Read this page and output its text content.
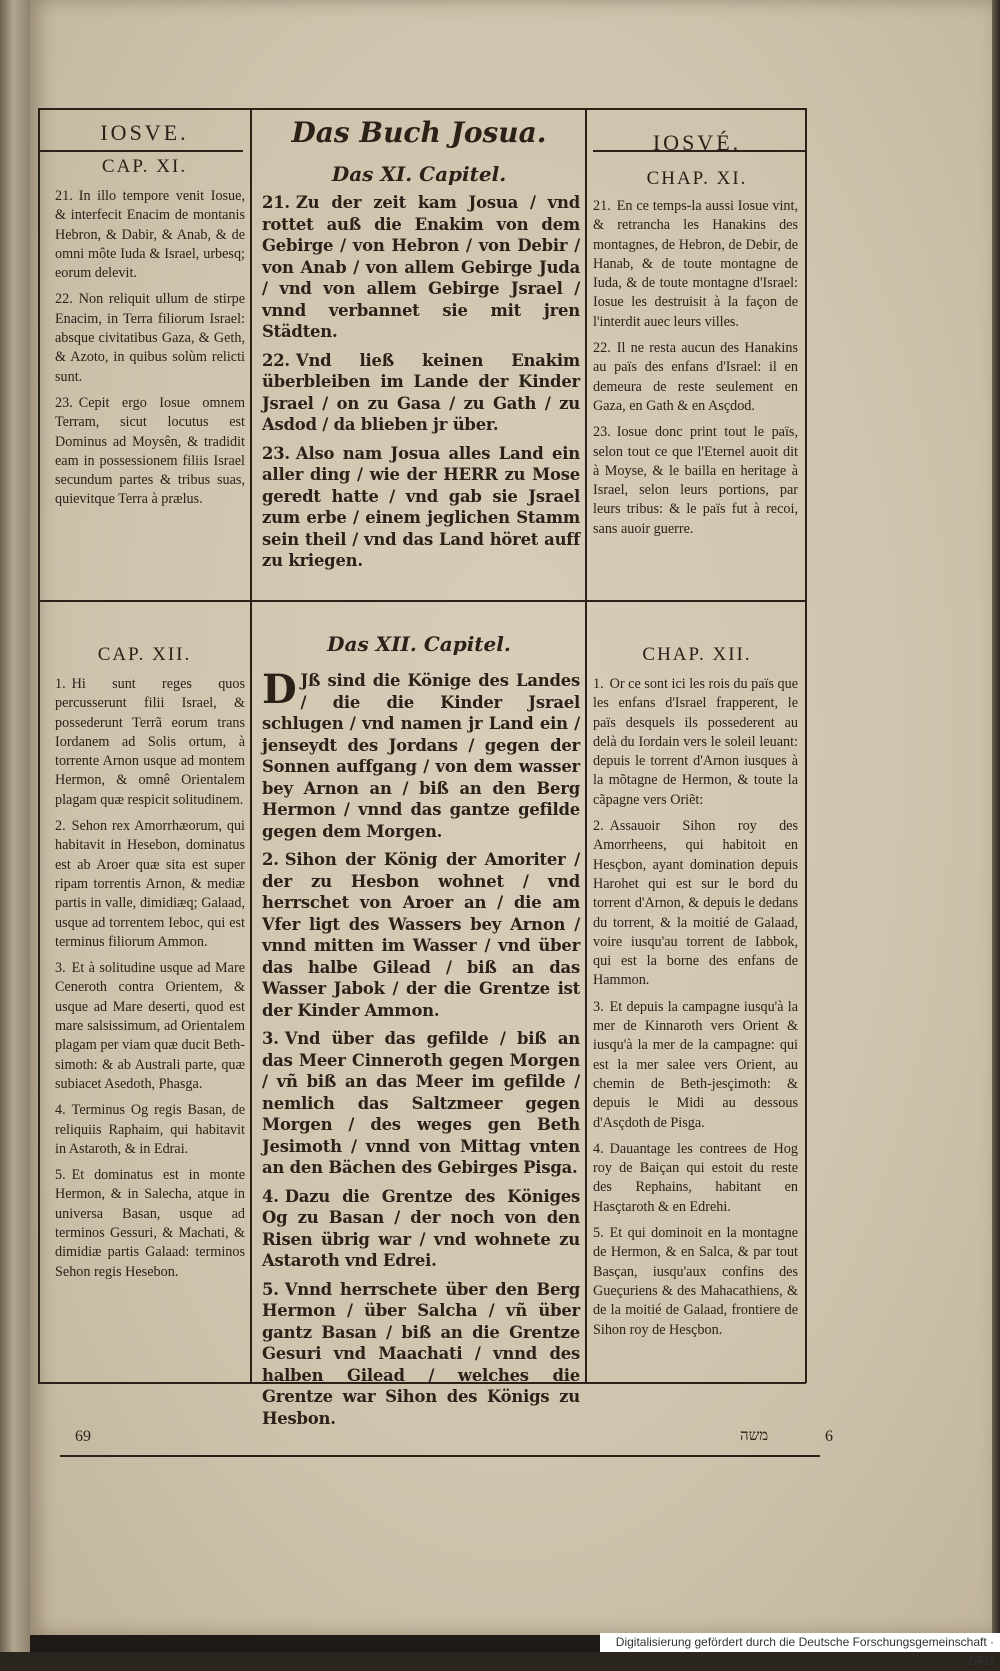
IOSVE.	Das Buch Josua.	IOSVÉ.
CAP. XI.	Das XI. Capitel.	CHAP. XI.
21. In illo tempore venit Iosue, & interfecit Enacim de montanis Hebron, & Dabir, & Anab, & de omni môte Iuda & Israel, urbesq; eorum delevit.
22. Non reliquit ullum de stirpe Enacim, in Terra filiorum Israel: absque civitatibus Gaza, & Geth, & Azoto, in quibus solùm relicti sunt.
23. Cepit ergo Iosue omnem Terram, sicut locutus est Dominus ad Moysên, & tradidit eam in possessionem filiis Israel secundum partes & tribus suas, quievitque Terra à prælus.
21. Zu der zeit kam Josua / vnd rottet auß die Enakim von dem Gebirge / von Hebron / von Debir / von Anab / von allem Gebirge Juda / vnd von allem Gebirge Jsrael / vnnd verbannet sie mit jren Städten.
22. Vnd ließ keinen Enakim überbleiben im Lande der Kinder Jsrael / on zu Gasa / zu Gath / zu Asdod / da blieben jr über.
23. Also nam Josua alles Land ein aller ding / wie der HERR zu Mose geredt hatte / vnd gab sie Jsrael zum erbe / einem jeglichen Stamm sein theil / vnd das Land höret auff zu kriegen.
21. En ce temps-la aussi Iosue vint, & retrancha les Hanakins des montagnes, de Hebron, de Debir, de Hanab, & de toute montagne de Iuda, & de toute montagne d'Israel: Iosue les destruisit à la façon de l'interdit auec leurs villes.
22. Il ne resta aucun des Hanakins au païs des enfans d'Israel: il en demeura de reste seulement en Gaza, en Gath & en Asçdod.
23. Iosue donc print tout le païs, selon tout ce que l'Eternel auoit dit à Moyse, & le bailla en heritage à Israel, selon leurs portions, par leurs tribus: & le païs fut à recoi, sans auoir guerre.
CAP. XII.	Das XII. Capitel.	CHAP. XII.
1. Hi sunt reges quos percusserunt filii Israel, & possederunt Terrã eorum trans Iordanem ad Solis ortum, à torrente Arnon usque ad montem Hermon, & omnê Orientalem plagam quæ respicit solitudinem.
2. Sehon rex Amorrhæorum, qui habitavit in Hesebon, dominatus est ab Aroer quæ sita est super ripam torrentis Arnon, & mediæ partis in valle, dimidiæq; Galaad, usque ad torrentem Ieboc, qui est terminus filiorum Ammon.
3. Et à solitudine usque ad Mare Ceneroth contra Orientem, & usque ad Mare deserti, quod est mare salsissimum, ad Orientalem plagam per viam quæ ducit Beth-simoth: & ab Australi parte, quæ subiacet Asedoth, Phasga.
4. Terminus Og regis Basan, de reliquiis Raphaim, qui habitavit in Astaroth, & in Edrai.
5. Et dominatus est in monte Hermon, & in Salecha, atque in universa Basan, usque ad terminos Gessuri, & Machati, & dimidiæ partis Galaad: terminos Sehon regis Hesebon.
D Jß sind die Könige des Landes / die die Kinder Jsrael schlugen / vnd namen jr Land ein / jenseydt des Jordans / gegen der Sonnen auffgang / von dem wasser bey Arnon an / biß an den Berg Hermon / vnnd das gantze gefilde gegen dem Morgen.
2. Sihon der König der Amoriter / der zu Hesbon wohnet / vnd herrschet von Aroer an / die am Vfer ligt des Wassers bey Arnon / vnnd mitten im Wasser / vnd über das halbe Gilead / biß an das Wasser Jabok / der die Grentze ist der Kinder Ammon.
3. Vnd über das gefilde / biß an das Meer Cinneroth gegen Morgen / vñ biß an das Meer im gefilde / nemlich das Saltzmeer gegen Morgen / des weges gen Beth Jesimoth / vnnd von Mittag vnten an den Bächen des Gebirges Pisga.
4. Dazu die Grentze des Königes Og zu Basan / der noch von den Risen übrig war / vnd wohnete zu Astaroth vnd Edrei.
5. Vnnd herrschete über den Berg Hermon / über Salcha / vñ über gantz Basan / biß an die Grentze Gesuri vnd Maachati / vnnd des halben Gilead / welches die Grentze war Sihon des Königs zu Hesbon.
1. Or ce sont ici les rois du païs que les enfans d'Israel frapperent, le païs desquels ils possederent au delà du Iordain vers le soleil leuant: depuis le torrent d'Arnon iusques à la mõtagne de Hermon, & toute la cãpagne vers Oriẽt:
2. Assauoir Sihon roy des Amorrheens, qui habitoit en Hesçbon, ayant domination depuis Harohet qui est sur le bord du torrent d'Arnon, & depuis le dedans du torrent, & la moitié de Galaad, voire iusqu'au torrent de Iabbok, qui est la borne des enfans de Hammon.
3. Et depuis la campagne iusqu'à la mer de Kinnaroth vers Orient & iusqu'à la mer de la campagne: qui est la mer salee vers Orient, au chemin de Beth-jesçimoth: & depuis le Midi au dessous d'Asçdoth de Pisga.
4. Dauantage les contrees de Hog roy de Baiçan qui estoit du reste des Rephains, habitant en Hasçtaroth & en Edrehi.
5. Et qui dominoit en la montagne de Hermon, & en Salca, & par tout Basçan, iusqu'aux confins des Gueçuriens & des Mahacathiens, & de la moitié de Galaad, frontiere de Sihon roy de Hesçbon.
69	משה	6
Digitalisierung gefördert durch die Deutsche Forschungsgemeinschaft · DFG
